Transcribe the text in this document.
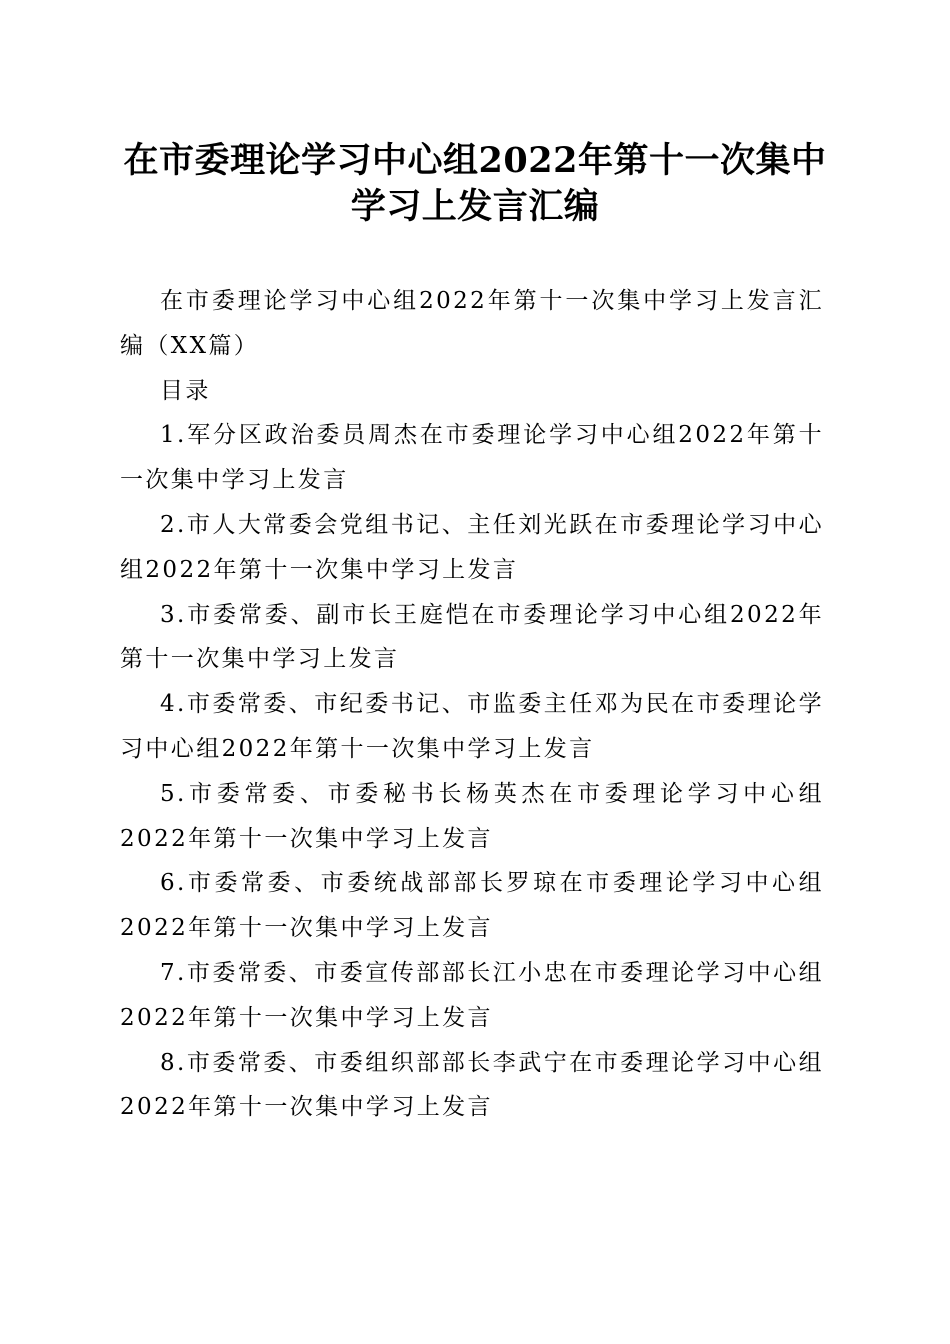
在市委理论学习中心组2022年第十一次集中
学习上发言汇编

在市委理论学习中心组2022年第十一次集中学习上发言汇编（XX篇）

目录

1.军分区政治委员周杰在市委理论学习中心组2022年第十一次集中学习上发言
2.市人大常委会党组书记、主任刘光跃在市委理论学习中心组2022年第十一次集中学习上发言
3.市委常委、副市长王庭恺在市委理论学习中心组2022年第十一次集中学习上发言
4.市委常委、市纪委书记、市监委主任邓为民在市委理论学习中心组2022年第十一次集中学习上发言
5.市委常委、市委秘书长杨英杰在市委理论学习中心组2022年第十一次集中学习上发言
6.市委常委、市委统战部部长罗琼在市委理论学习中心组2022年第十一次集中学习上发言
7.市委常委、市委宣传部部长江小忠在市委理论学习中心组2022年第十一次集中学习上发言
8.市委常委、市委组织部部长李武宁在市委理论学习中心组2022年第十一次集中学习上发言
